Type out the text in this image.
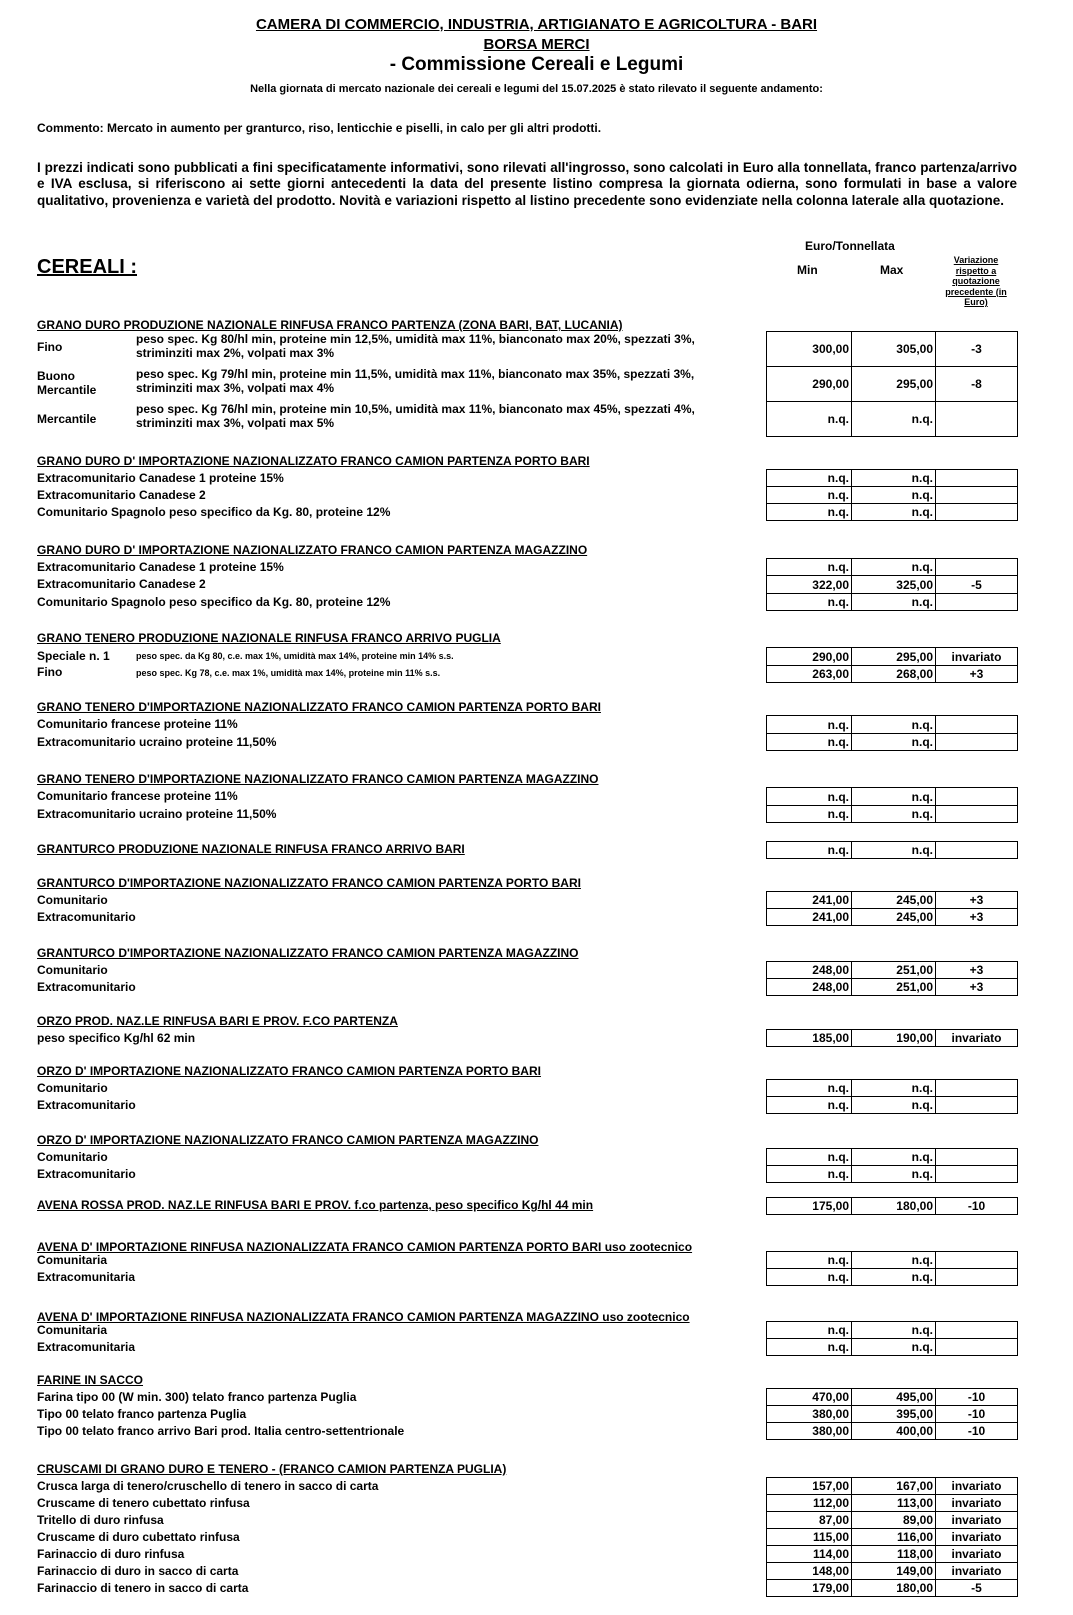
CAMERA DI COMMERCIO, INDUSTRIA, ARTIGIANATO E AGRICOLTURA - BARI
BORSA MERCI
- Commissione Cereali e Legumi
Nella giornata di mercato nazionale dei cereali e legumi del 15.07.2025 è stato rilevato il seguente andamento:
Commento: Mercato in aumento per granturco, riso, lenticchie e piselli, in calo per gli altri prodotti.
I prezzi indicati sono pubblicati a fini specificatamente informativi, sono rilevati all'ingrosso, sono calcolati in Euro alla tonnellata, franco partenza/arrivo e IVA esclusa, si riferiscono ai sette giorni antecedenti la data del presente listino compresa la giornata odierna, sono formulati in base a valore qualitativo, provenienza e varietà del prodotto. Novità e variazioni rispetto al listino precedente sono evidenziate nella colonna laterale alla quotazione.
Euro/Tonnellata
Min	Max
Variazione rispetto a quotazione precedente (in Euro)
CEREALI :
GRANO DURO PRODUZIONE NAZIONALE RINFUSA FRANCO PARTENZA (ZONA BARI, BAT, LUCANIA)
Fino
peso spec. Kg 80/hl min, proteine min 12,5%, umidità max 11%, bianconato max 20%, spezzati 3%, striminziti max 2%, volpati max 3%	300,00	305,00	-3
Buono Mercantile
peso spec. Kg 79/hl min, proteine min 11,5%, umidità max 11%, bianconato max 35%, spezzati 3%, striminziti max 3%, volpati max 4%	290,00	295,00	-8
Mercantile
peso spec. Kg 76/hl min, proteine min 10,5%, umidità max 11%, bianconato max 45%, spezzati 4%, striminziti max 3%, volpati max 5%	n.q.	n.q.
GRANO DURO D' IMPORTAZIONE NAZIONALIZZATO FRANCO CAMION PARTENZA PORTO BARI
Extracomunitario Canadese 1 proteine 15%	n.q.	n.q.
Extracomunitario Canadese 2	n.q.	n.q.
Comunitario Spagnolo peso specifico da Kg. 80, proteine 12%	n.q.	n.q.
GRANO DURO D' IMPORTAZIONE NAZIONALIZZATO FRANCO CAMION PARTENZA MAGAZZINO
Extracomunitario Canadese 1 proteine 15%	n.q.	n.q.
Extracomunitario Canadese 2	322,00	325,00	-5
Comunitario Spagnolo peso specifico da Kg. 80, proteine 12%	n.q.	n.q.
GRANO TENERO PRODUZIONE NAZIONALE RINFUSA FRANCO ARRIVO PUGLIA
Speciale n. 1	peso spec. da Kg 80, c.e. max 1%, umidità max 14%, proteine min 14% s.s.	290,00	295,00	invariato
Fino	peso spec. Kg 78, c.e. max 1%, umidità max 14%, proteine min 11% s.s.	263,00	268,00	+3
GRANO TENERO D'IMPORTAZIONE NAZIONALIZZATO FRANCO CAMION PARTENZA PORTO BARI
Comunitario francese proteine 11%	n.q.	n.q.
Extracomunitario ucraino proteine 11,50%	n.q.	n.q.
GRANO TENERO D'IMPORTAZIONE NAZIONALIZZATO FRANCO CAMION PARTENZA MAGAZZINO
Comunitario francese proteine 11%	n.q.	n.q.
Extracomunitario ucraino proteine 11,50%	n.q.	n.q.
GRANTURCO PRODUZIONE NAZIONALE RINFUSA FRANCO ARRIVO BARI	n.q.	n.q.
GRANTURCO D'IMPORTAZIONE NAZIONALIZZATO FRANCO CAMION PARTENZA PORTO BARI
Comunitario	241,00	245,00	+3
Extracomunitario	241,00	245,00	+3
GRANTURCO D'IMPORTAZIONE NAZIONALIZZATO FRANCO CAMION PARTENZA MAGAZZINO
Comunitario	248,00	251,00	+3
Extracomunitario	248,00	251,00	+3
ORZO PROD. NAZ.LE RINFUSA BARI E PROV. F.CO PARTENZA
peso specifico Kg/hl 62 min	185,00	190,00	invariato
ORZO D' IMPORTAZIONE NAZIONALIZZATO FRANCO CAMION PARTENZA PORTO BARI
Comunitario	n.q.	n.q.
Extracomunitario	n.q.	n.q.
ORZO D' IMPORTAZIONE NAZIONALIZZATO FRANCO CAMION PARTENZA MAGAZZINO
Comunitario	n.q.	n.q.
Extracomunitario	n.q.	n.q.
AVENA ROSSA PROD. NAZ.LE RINFUSA BARI E PROV. f.co partenza, peso specifico Kg/hl 44 min	175,00	180,00	-10
AVENA D' IMPORTAZIONE RINFUSA NAZIONALIZZATA FRANCO CAMION PARTENZA PORTO BARI uso zootecnico
Comunitaria	n.q.	n.q.
Extracomunitaria	n.q.	n.q.
AVENA D' IMPORTAZIONE RINFUSA NAZIONALIZZATA FRANCO CAMION PARTENZA MAGAZZINO uso zootecnico
Comunitaria	n.q.	n.q.
Extracomunitaria	n.q.	n.q.
FARINE IN SACCO
Farina tipo 00 (W min. 300) telato franco partenza Puglia	470,00	495,00	-10
Tipo 00 telato franco partenza Puglia	380,00	395,00	-10
Tipo 00 telato franco arrivo Bari prod. Italia centro-settentrionale	380,00	400,00	-10
CRUSCAMI DI GRANO DURO E TENERO - (FRANCO CAMION PARTENZA PUGLIA)
Crusca larga di tenero/cruschello di tenero in sacco di carta	157,00	167,00	invariato
Cruscame di tenero cubettato rinfusa	112,00	113,00	invariato
Tritello di duro rinfusa	87,00	89,00	invariato
Cruscame di duro cubettato rinfusa	115,00	116,00	invariato
Farinaccio di duro rinfusa	114,00	118,00	invariato
Farinaccio di duro in sacco di carta	148,00	149,00	invariato
Farinaccio di tenero in sacco di carta	179,00	180,00	-5
